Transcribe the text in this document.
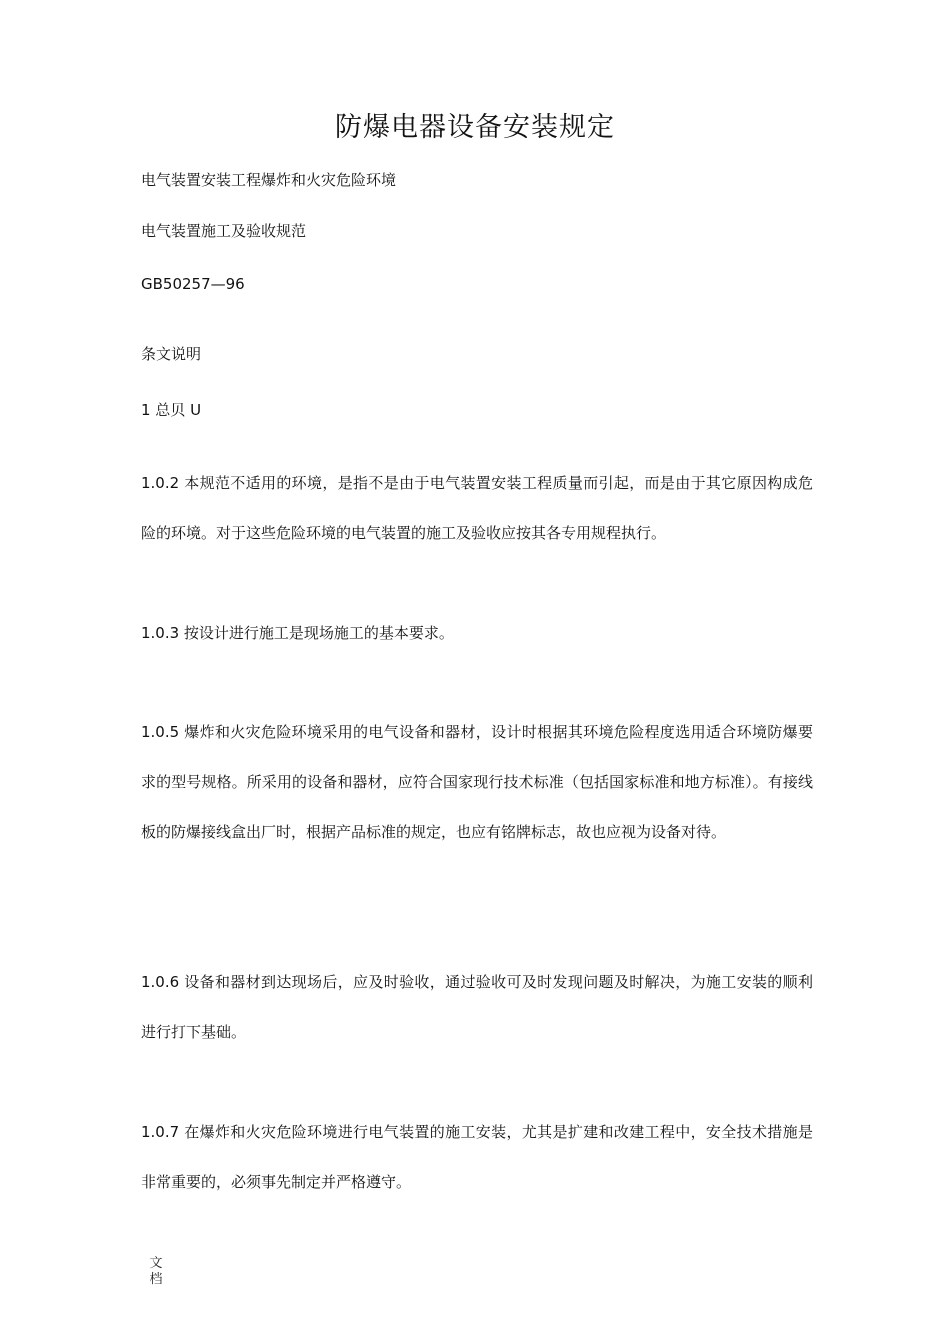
防爆电器设备安装规定
电气装置安装工程爆炸和火灾危险环境
电气装置施工及验收规范
GB50257—96
条文说明
1 总贝 U
1.0.2 本规范不适用的环境，是指不是由于电气装置安装工程质量而引起，而是由于其它原因构成危险的环境。对于这些危险环境的电气装置的施工及验收应按其各专用规程执行。
1.0.3 按设计进行施工是现场施工的基本要求。
1.0.5 爆炸和火灾危险环境采用的电气设备和器材，设计时根据其环境危险程度选用适合环境防爆要求的型号规格。所采用的设备和器材，应符合国家现行技术标准（包括国家标准和地方标准）。有接线板的防爆接线盒出厂时，根据产品标准的规定，也应有铭牌标志，故也应视为设备对待。
1.0.6 设备和器材到达现场后，应及时验收，通过验收可及时发现问题及时解决，为施工安装的顺利进行打下基础。
1.0.7 在爆炸和火灾危险环境进行电气装置的施工安装，尤其是扩建和改建工程中，安全技术措施是非常重要的，必须事先制定并严格遵守。
文档
